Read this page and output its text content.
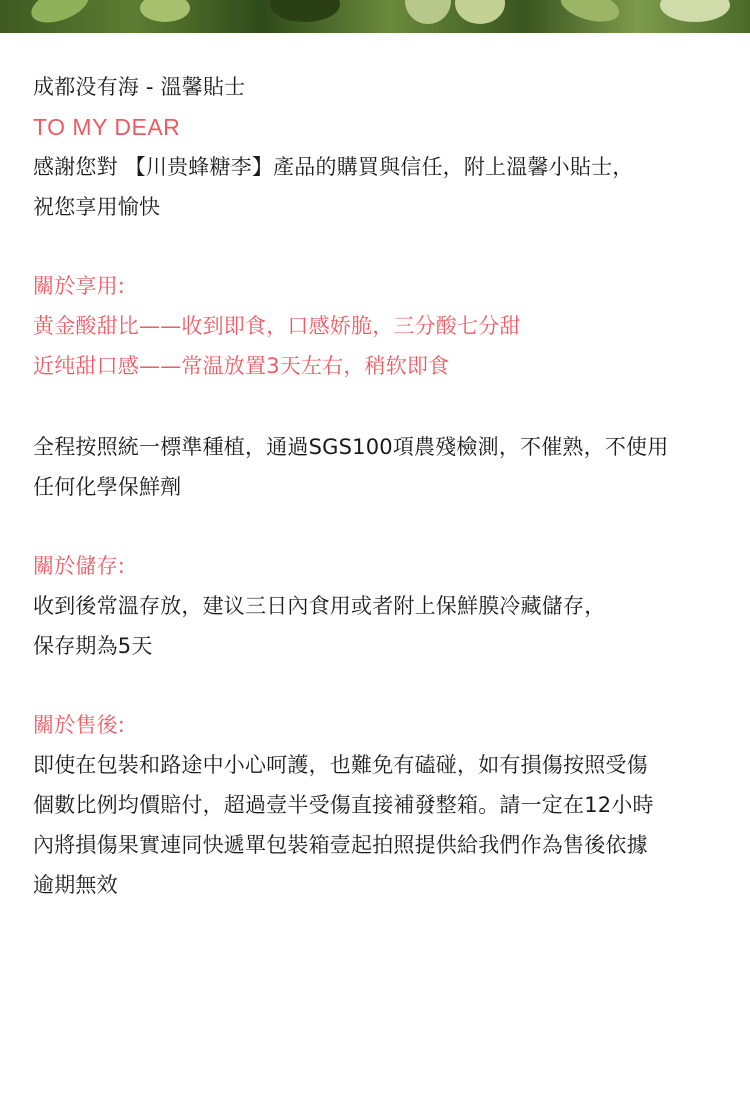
成都没有海 - 溫馨貼士
TO MY DEAR
感謝您對 【川贵蜂糖李】產品的購買與信任，附上溫馨小貼士，
祝您享用愉快
關於享用:
黄金酸甜比——收到即食，口感娇脆，三分酸七分甜
近纯甜口感——常温放置3天左右，稍软即食
全程按照統一標準種植，通過SGS100項農殘檢測，不催熟，不使用
任何化學保鮮劑
關於儲存:
收到後常溫存放，建议三日內食用或者附上保鮮膜冷藏儲存，
保存期為5天
關於售後:
即使在包裝和路途中小心呵護，也難免有磕碰，如有損傷按照受傷
個數比例均價賠付，超過壹半受傷直接補發整箱。請一定在12小時
內將損傷果實連同快遞單包裝箱壹起拍照提供給我們作為售後依據
逾期無效
